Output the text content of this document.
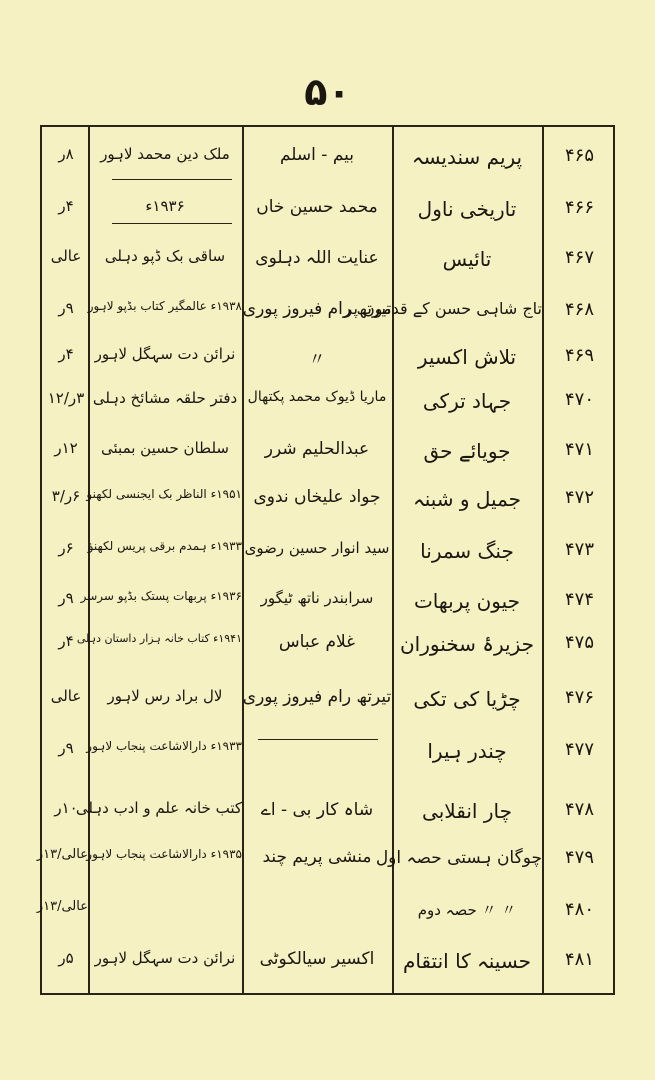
۵۰
۴۶۵
پریم سندیسہ
بیم - اسلم
ملک دین محمد لاہور
۸ر
۴۶۶
تاریخی ناول
محمد حسین خاں
۱۹۳۶ء
۴ر
۴۶۷
تائیس
عنایت اللہ دہلوی
ساقی بک ڈپو دہلی
عالی
۴۶۸
تاج شاہی حسن کے قدموں پر
تیرتھ رام فیروز پوری
۱۹۳۸ء عالمگیر کتاب بڈپو لاہور
۹ر
۴۶۹
تلاش اکسیر
〃
نرائن دت سہگل لاہور
۴ر
۴۷۰
جہاد ترکی
ماریا ڈیوک محمد پکتھال
دفتر حلقہ مشائخ دہلی
۳ر/۱۲
۴۷۱
جویائے حق
عبدالحلیم شرر
سلطان حسین بمبئی
۱۲ر
۴۷۲
جمیل و شبنہ
جواد علیخاں ندوی
۱۹۵۱ء الناظر بک ایجنسی لکھنؤ
۶ر/۳
۴۷۳
جنگ سمرنا
سید انوار حسین رضوی
۱۹۳۳ء ہمدم برقی پریس لکھنؤ
۶ر
۴۷۴
جیون پربھات
سرابندر ناتھ ٹیگور
۱۹۳۶ء پربھات پستک بڈپو سرسر
۹ر
۴۷۵
جزیرۂ سخنوران
غلام عباس
۱۹۴۱ء کتاب خانہ ہزار داستان دہلی
۴ر
۴۷۶
چڑیا کی تکی
تیرتھ رام فیروز پوری
لال براد رس لاہور
عالی
۴۷۷
چندر ہیرا
۱۹۳۳ء دارالاشاعت پنجاب لاہور
۹ر
۴۷۸
چار انقلابی
شاہ کار بی - اے
کتب خانہ علم و ادب دہلی
۱۰ر
۴۷۹
چوگان ہستی حصہ اول
منشی پریم چند
۱۹۳۵ء دارالاشاعت پنجاب لاہور
عالی/۱۳ر
۴۸۰
〃 〃 حصہ دوم
عالی/۱۳ر
۴۸۱
حسینہ کا انتقام
اکسیر سیالکوٹی
نرائن دت سہگل لاہور
۵ر
